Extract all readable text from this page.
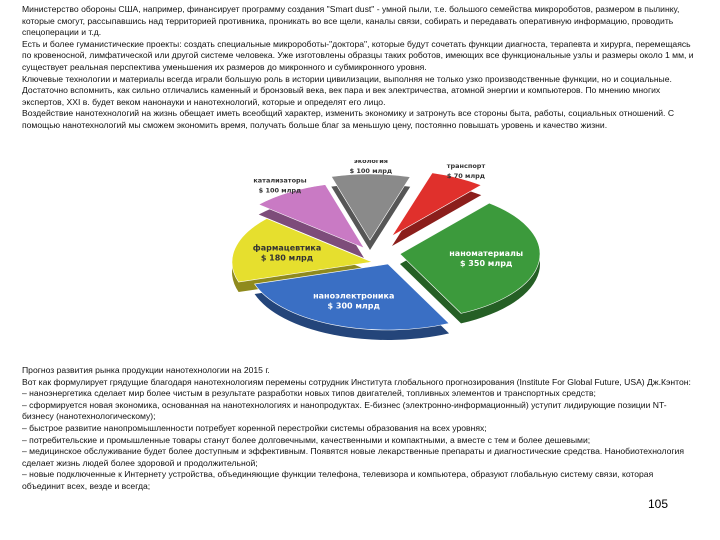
Министерство обороны США, например, финансирует программу создания "Smart dust" - умной пыли, т.е. большого семейства микророботов, размером в пылинку, которые смогут, рассыпавшись над территорией противника, проникать во все щели, каналы связи, собирать и передавать оперативную информацию, проводить спецоперации и т.д.

Есть и более гуманистические проекты: создать специальные микророботы-"доктора", которые будут сочетать функции диагноста, терапевта и хирурга, перемещаясь по кровеносной, лимфатической или другой системе человека. Уже изготовлены образцы таких роботов, имеющих все функциональные узлы и размеры около 1 мм, и существует реальная перспектива уменьшения их размеров до микронного и субмикронного уровня.

Ключевые технологии и материалы всегда играли большую роль в истории цивилизации, выполняя не только узко производственные функции, но и социальные. Достаточно вспомнить, как сильно отличались каменный и бронзовый века, век пара и век электричества, атомной энергии и компьютеров. По мнению многих экспертов, XXI в. будет веком нанонауки и нанотехнологий, которые и определят его лицо.

Воздействие нанотехнологий на жизнь обещает иметь всеобщий характер, изменить экономику и затронуть все стороны быта, работы, социальных отношений. С помощью нанотехнологий мы сможем экономить время, получать больше благ за меньшую цену, постоянно повышать уровень и качество жизни.

наноматериалы
$ 350 млрд
наноэлектроника
$ 300 млрд
фармацевтика
$ 180 млрд
катализаторы
$ 100 млрд
экология
$ 100 млрд
транспорт
$ 70 млрд

Прогноз развития рынка продукции нанотехнологии на 2015 г.

Вот как формулирует грядущие благодаря нанотехнологиям перемены сотрудник Института глобального прогнозирования (Institute For Global Future, USA) Дж.Кэнтон:

– наноэнергетика сделает мир более чистым в результате разработки новых типов двигателей, топливных элементов и транспортных средств;

– сформируется новая экономика, основанная на нанотехнологиях и нанопродуктах. Е-бизнес (электронно-информационный) уступит лидирующие позиции NT-бизнесу (нанотехнологическому);

– быстрое развитие нанопромышленности потребует коренной перестройки системы образования на всех уровнях;

– потребительские и промышленные товары станут более долговечными, качественными и компактными, а вместе с тем и более дешевыми;

– медицинское обслуживание будет более доступным и эффективным. Появятся новые лекарственные препараты и диагностические средства. Нанобиотехнология сделает жизнь людей более здоровой и продолжительной;

– новые подключенные к Интернету устройства, объединяющие функции телефона, телевизора и компьютера, образуют глобальную систему связи, которая объединит всех, везде и всегда;

105
